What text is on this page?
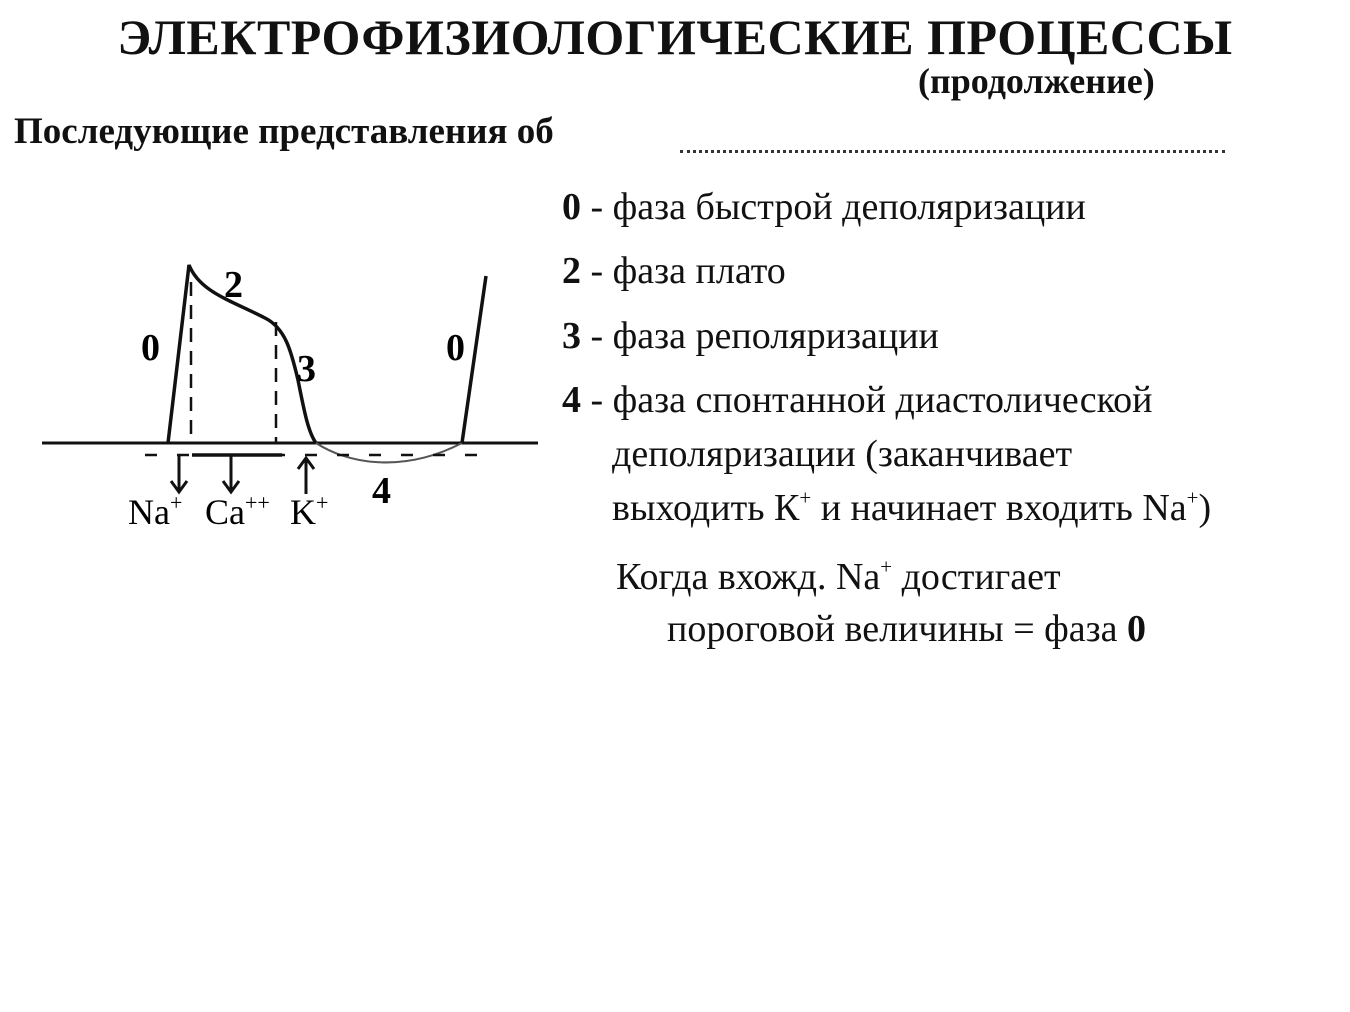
ЭЛЕКТРОФИЗИОЛОГИЧЕСКИЕ ПРОЦЕССЫ
(продолжение)
Последующие представления об
0
2
3	0
4
Na+ Ca++ K+
0 - фаза быстрой деполяризации
2 - фаза плато
3 - фаза реполяризации
4 - фаза спонтанной диастолической
деполяризации (заканчивает
выходить К+ и начинает входить Na+)
Когда вхожд. Na+ достигает
пороговой величины = фаза 0
